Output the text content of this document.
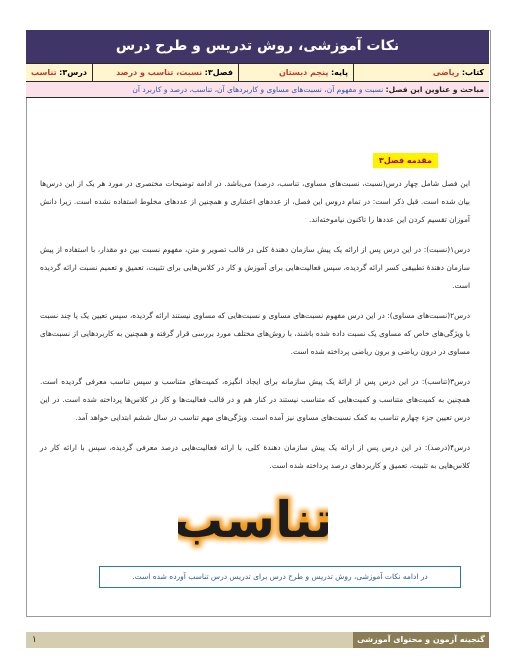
نکات آموزشی، روش تدریس و طرح درس
کتاب: ریاضی
پایه: پنجم دبستان
فصل۳: نسبت، تناسب و درصد
درس۳: تناسب
مباحث و عناوین این فصل: نسبت و مفهوم آن، نسبت‌های مساوی و کاربردهای آن، تناسب، درصد و کاربرد آن
مقدمه فصل۳

این فصل شامل چهار درس(نسبت، نسبت‌های مساوی، تناسب، درصد) می‌باشد. در ادامه توضیحات مختصری در مورد هر یک از این درس‌ها بیان شده است. قبل ذکر است: در تمام دروس این فصل، از عددهای اعشاری و همچنین از عددهای مخلوط استفاده نشده است. زیرا دانش آموزان تقسیم کردن این عددها را تاکنون نیاموخته‌اند.

درس۱(نسبت): در این درس پس از ارائه یک پیش سازمان دهندهٔ کلی در قالب تصویر و متن، مفهوم نسبت بین دو مقدار، با استفاده از پیش سازمان دهندهٔ تطبیقی کسر ارائه گردیده، سپس فعالیت‌هایی برای آموزش و کار در کلاس‌هایی برای تثبیت، تعمیق و تعمیم نسبت ارائه گردیده است.

درس۲(نسبت‌های مساوی): در این درس مفهوم نسبت‌های مساوی و نسبت‌هایی که مساوی نیستند ارائه گردیده، سپس تعیین یک یا چند نسبت با ویژگی‌های خاص که مساوی یک نسبت داده شده باشند، با روش‌های مختلف مورد بررسی قرار گرفته و همچنین به کاربردهایی از نسبت‌های مساوی در درون ریاضی و برون ریاضی پرداخته شده است.

درس۳(تناسب): در این درس پس از ارائهٔ یک پیش سازمانه برای ایجاد انگیزه، کمیت‌های متناسب و سپس تناسب معرفی گردیده است. همچنین به کمیت‌های متناسب و کمیت‌هایی که متناسب نیستند در کنار هم و در قالب فعالیت‌ها و کار در کلاس‌ها پرداخته شده است. در این درس تعیین جزء چهارم تناسب به کمک نسبت‌های مساوی نیز آمده است. ویژگی‌های مهم تناسب در سال ششم ابتدایی خواهد آمد.

درس۴(درصد): در این درس پس از ارائه یک پیش سازمان دهندهٔ کلی، با ارائه فعالیت‌هایی درصد معرفی گردیده، سپس با ارائه کار در کلاس‌هایی به تثبیت، تعمیق و کاربردهای درصد پرداخته شده است.

تناسب
در ادامه نکات آموزشی، روش تدریس و طرح درس برای تدریس درس تناسب آورده شده است.
گنجینه آزمون و محتوای آموزشی
۱
